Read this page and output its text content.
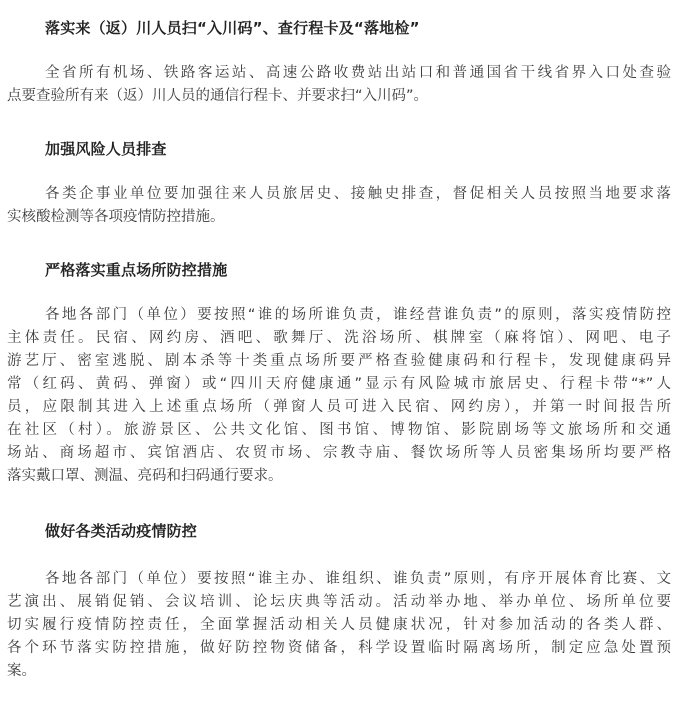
落实来（返）川人员扫“入川码”、查行程卡及“落地检”
全省所有机场、铁路客运站、高速公路收费站出站口和普通国省干线省界入口处查验
点要查验所有来（返）川人员的通信行程卡、并要求扫“入川码”。
加强风险人员排查
各类企事业单位要加强往来人员旅居史、接触史排查，督促相关人员按照当地要求落
实核酸检测等各项疫情防控措施。
严格落实重点场所防控措施
各地各部门（单位）要按照“谁的场所谁负责，谁经营谁负责”的原则，落实疫情防控
主体责任。民宿、网约房、酒吧、歌舞厅、洗浴场所、棋牌室（麻将馆）、网吧、电子
游艺厅、密室逃脱、剧本杀等十类重点场所要严格查验健康码和行程卡，发现健康码异
常（红码、黄码、弹窗）或“四川天府健康通”显示有风险城市旅居史、行程卡带“*”人
员，应限制其进入上述重点场所（弹窗人员可进入民宿、网约房），并第一时间报告所
在社区（村）。旅游景区、公共文化馆、图书馆、博物馆、影院剧场等文旅场所和交通
场站、商场超市、宾馆酒店、农贸市场、宗教寺庙、餐饮场所等人员密集场所均要严格
落实戴口罩、测温、亮码和扫码通行要求。
做好各类活动疫情防控
各地各部门（单位）要按照“谁主办、谁组织、谁负责”原则，有序开展体育比赛、文
艺演出、展销促销、会议培训、论坛庆典等活动。活动举办地、举办单位、场所单位要
切实履行疫情防控责任，全面掌握活动相关人员健康状况，针对参加活动的各类人群、
各个环节落实防控措施，做好防控物资储备，科学设置临时隔离场所，制定应急处置预
案。
